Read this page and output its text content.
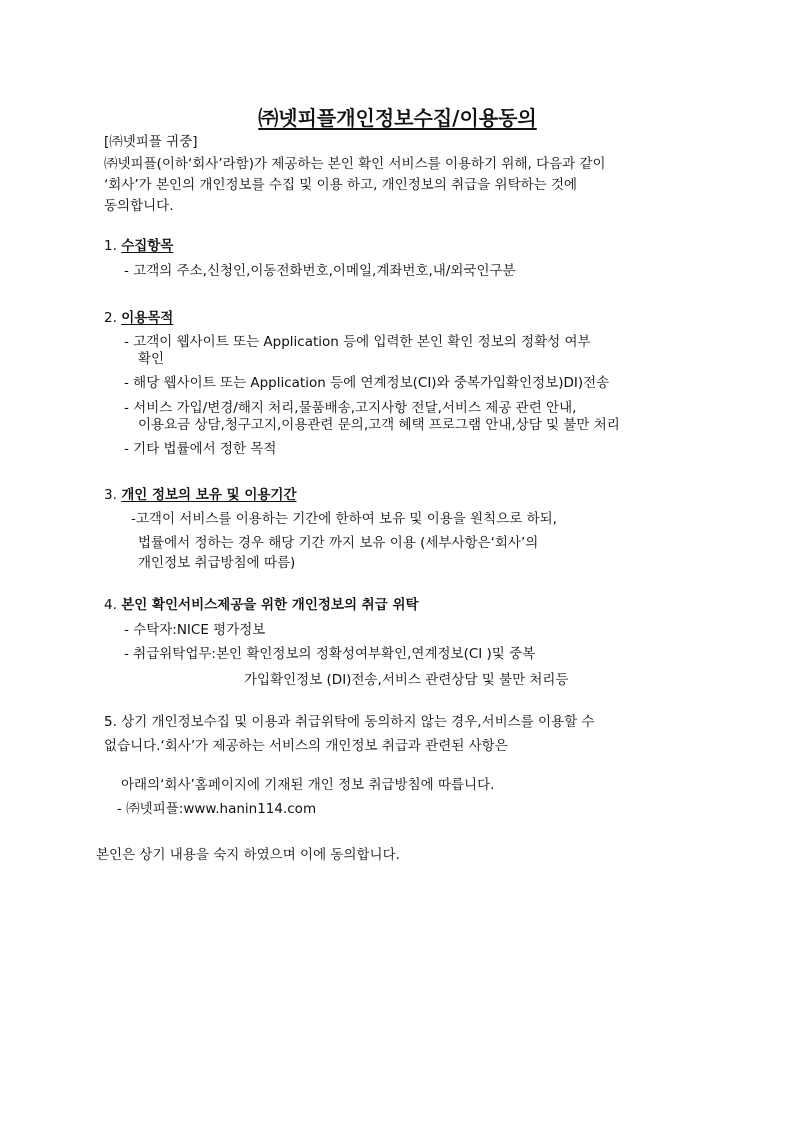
㈜넷피플개인정보수집/이용동의
[㈜넷피플 귀중]
㈜넷피플(이하‘회사’라함)가 제공하는 본인 확인 서비스를 이용하기 위해, 다음과 같이
‘회사’가 본인의 개인정보를 수집 및 이용 하고, 개인정보의 취급을 위탁하는 것에
동의합니다.
1. 수집항목
- 고객의 주소,신청인,이동전화번호,이메일,계좌번호,내/외국인구분
2. 이용목적
- 고객이 웹사이트 또는 Application 등에 입력한 본인 확인 정보의 정확성 여부
확인
- 해당 웹사이트 또는 Application 등에 연계정보(CI)와 중복가입확인정보)DI)전송
- 서비스 가입/변경/해지 처리,물품배송,고지사항 전달,서비스 제공 관련 안내,
이용요금 상담,청구고지,이용관련 문의,고객 혜택 프로그램 안내,상담 및 불만 처리
- 기타 법률에서 정한 목적
3. 개인 정보의 보유 및 이용기간
-고객이 서비스를 이용하는 기간에 한하여 보유 및 이용을 원칙으로 하되,
법률에서 정하는 경우 해당 기간 까지 보유 이용 (세부사항은‘회사’의
개인정보 취급방침에 따름)
4. 본인 확인서비스제공을 위한 개인정보의 취급 위탁
- 수탁자:NICE 평가정보
- 취급위탁업무:본인 확인정보의 정확성여부확인,연계정보(CI )및 중복
가입확인정보 (DI)전송,서비스 관련상담 및 불만 처리등
5. 상기 개인정보수집 및 이용과 취급위탁에 동의하지 않는 경우,서비스를 이용할 수
없습니다.‘회사’가 제공하는 서비스의 개인정보 취급과 관련된 사항은
아래의‘회사’홈페이지에 기재된 개인 정보 취급방침에 따릅니다.
- ㈜넷피플:www.hanin114.com
본인은 상기 내용을 숙지 하였으며 이에 동의합니다.
